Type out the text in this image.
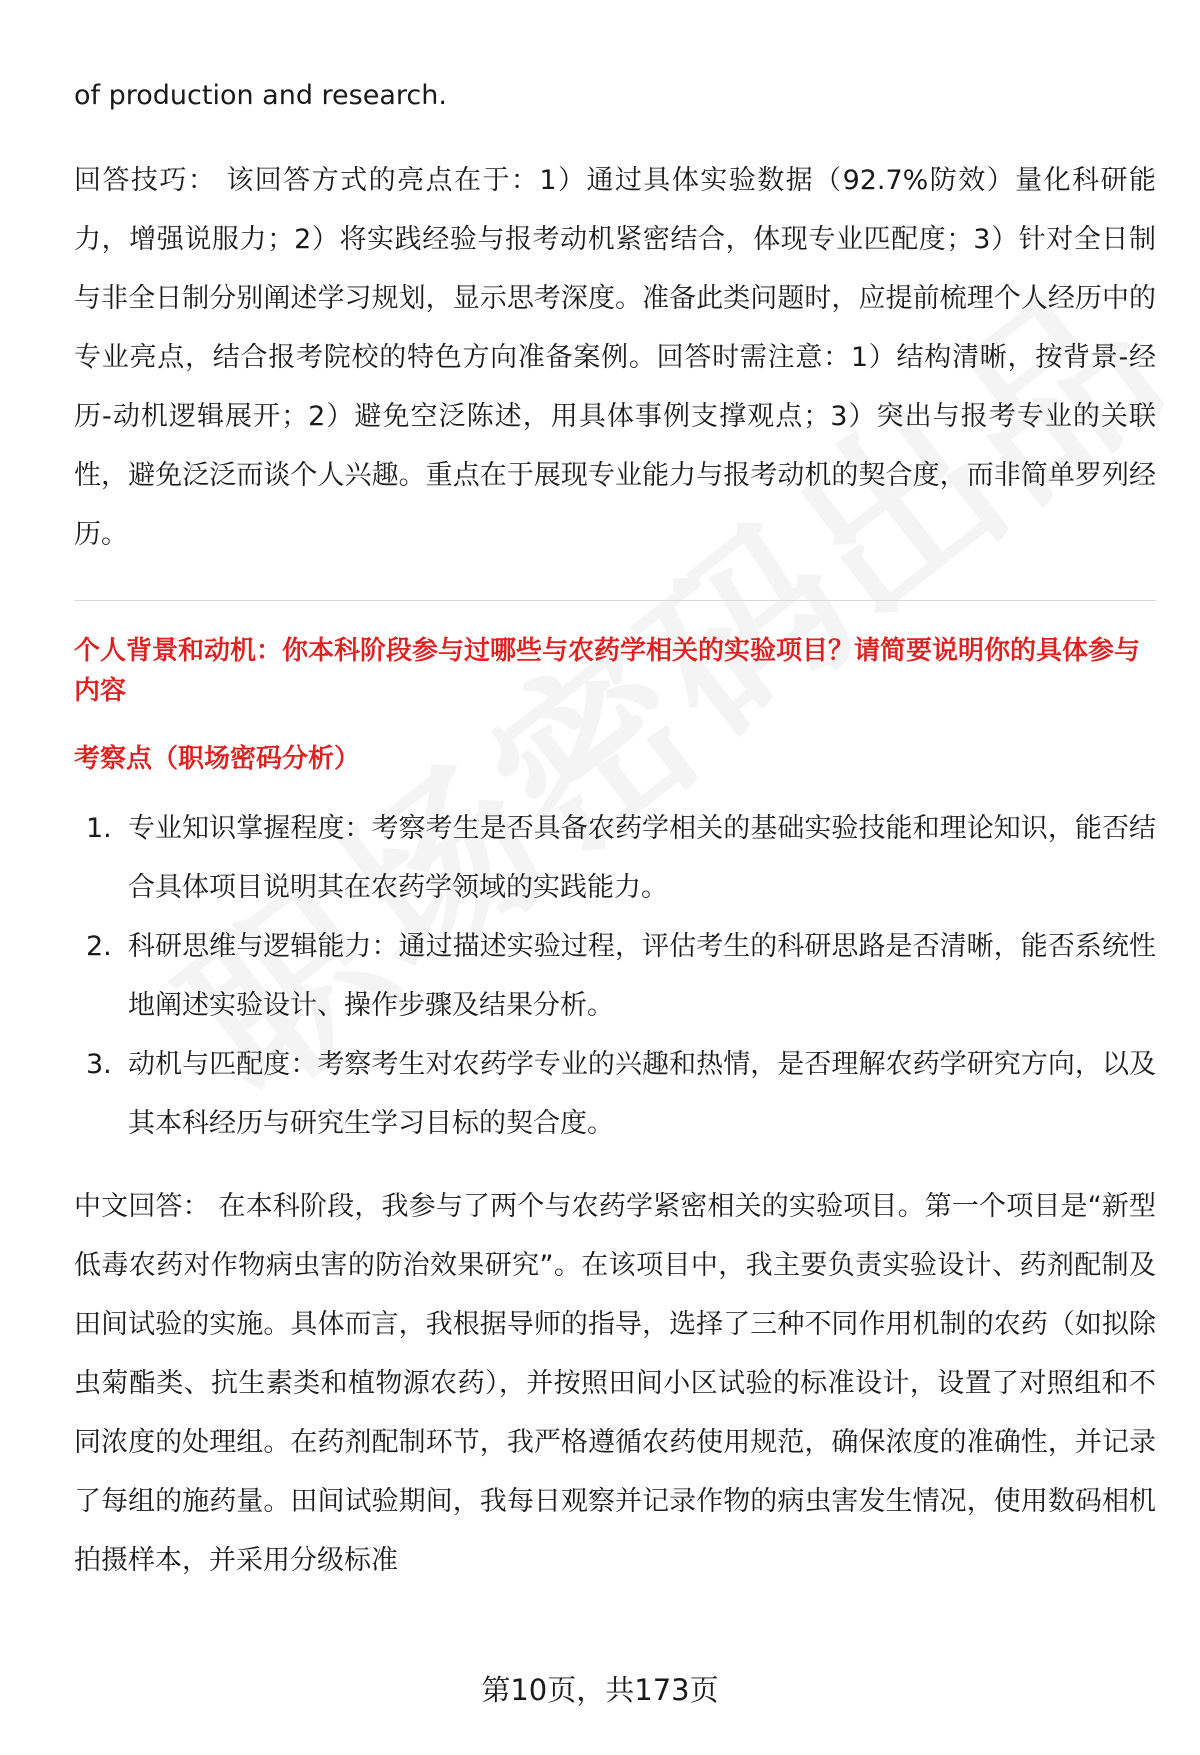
of production and research.

回答技巧： 该回答方式的亮点在于：1）通过具体实验数据（92.7%防效）量化科研能力，增强说服力；2）将实践经验与报考动机紧密结合，体现专业匹配度；3）针对全日制与非全日制分别阐述学习规划，显示思考深度。准备此类问题时，应提前梳理个人经历中的专业亮点，结合报考院校的特色方向准备案例。回答时需注意：1）结构清晰，按背景-经历-动机逻辑展开；2）避免空泛陈述，用具体事例支撑观点；3）突出与报考专业的关联性，避免泛泛而谈个人兴趣。重点在于展现专业能力与报考动机的契合度，而非简单罗列经历。

个人背景和动机：你本科阶段参与过哪些与农药学相关的实验项目？请简要说明你的具体参与内容
考察点（职场密码分析）
1. 专业知识掌握程度：考察考生是否具备农药学相关的基础实验技能和理论知识，能否结合具体项目说明其在农药学领域的实践能力。
2. 科研思维与逻辑能力：通过描述实验过程，评估考生的科研思路是否清晰，能否系统性地阐述实验设计、操作步骤及结果分析。
3. 动机与匹配度：考察考生对农药学专业的兴趣和热情，是否理解农药学研究方向，以及其本科经历与研究生学习目标的契合度。

中文回答： 在本科阶段，我参与了两个与农药学紧密相关的实验项目。第一个项目是“新型低毒农药对作物病虫害的防治效果研究”。在该项目中，我主要负责实验设计、药剂配制及田间试验的实施。具体而言，我根据导师的指导，选择了三种不同作用机制的农药（如拟除虫菊酯类、抗生素类和植物源农药），并按照田间小区试验的标准设计，设置了对照组和不同浓度的处理组。在药剂配制环节，我严格遵循农药使用规范，确保浓度的准确性，并记录了每组的施药量。田间试验期间，我每日观察并记录作物的病虫害发生情况，使用数码相机拍摄样本，并采用分级标准

第10页，共173页
